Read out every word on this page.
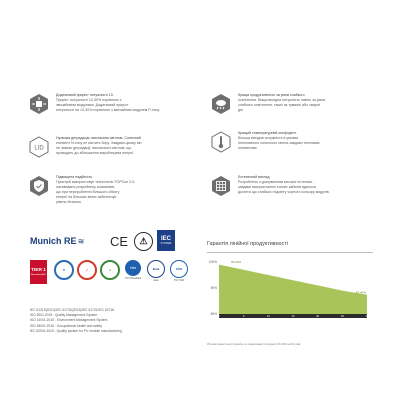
Додатковий приріст потужності 10.
Приріст потужності 10-30% порівняно з
звичайними модулями. Додатковий приріст
потужності на 10-30% порівняно з звичайним модулем P-типу.
Краща продуктивність за умов слабкого
освітлення. Вища вихідна потужність навіть за умов
слабкого освітлення, таких як туманні або хмарні
дні.
LID
Нульова деградація, викликана світлом. Сонячний
елемент N-типу не містить бору. Завдяки цьому він
не зазнає деградації, викликаної світлом, що
проводить до збільшення виробництва енергії.
Кращий температурний коефіцієнт.
Більша вихідна потужність в умовах
інтенсивного сонячного світла завдяки тепловим
елементам.
Підвищена надійність.
Пристрій використовує технологію TOPCon 2.0,
пасивовано розроблену компанією,
що при переробленні більшого обсягу
енергії на більших ватах забезпечує
рівень безпеки.
Естетичний вигляд.
Розроблено з урахуванням високої естетики -
завдяки використанню тонких кабелів вдалося
досягти що слабкого підсвіту чорного кольору модулів.
Munich RE ≋ CE	⚠	IEC
SYSTEM
TIER 1
BloombergNEF
★	✓	●	TÜV
TÜV Rheinland
kiwa
kiwa
SÜD
TÜV SÜD
IEC 61215(2021)/IEC 61730(2023)/IEC 61701/IEC 62716
ISO 9001:2015 : Quality Management System
ISO 14001:2015 : Environment Management System
ISO 45001:2018 : Occupational health and safety
IEC 62941:2019 : Quality system for PV module manufacturing
Гарантія лінійної продуктивності
100%
90%
80%
0	5	10	15	20	25	30
99.00%
87.40%
30 років гарантії на потужність та гарантованої потужності 99 40% на 30 років
